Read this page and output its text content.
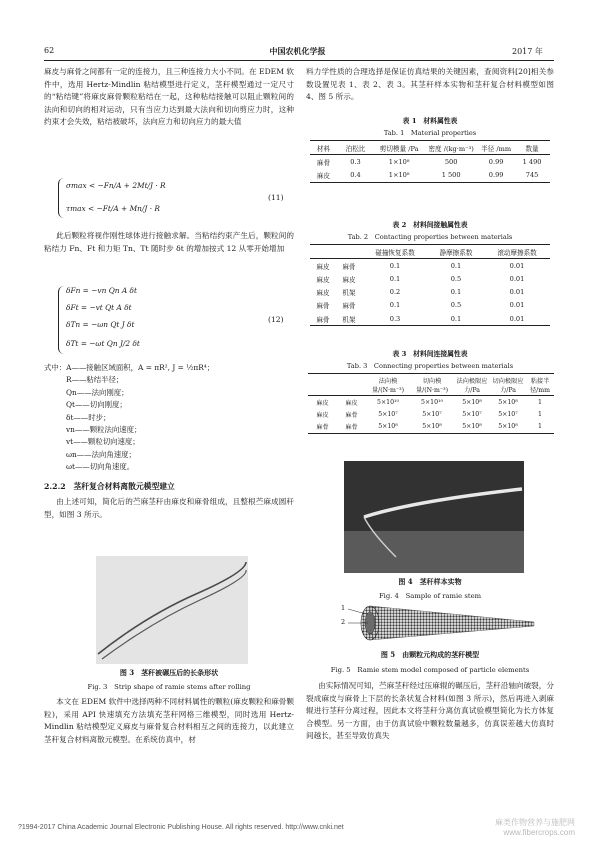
62	中国农机化学报	2017 年

麻皮与麻骨之间都有一定的连接力，且三种连接力大小不同。在 EDEM 软件中，选用 Hertz-Mindlin 粘结模型进行定义，茎秆模型通过一定尺寸的“粘结键”将麻皮麻骨颗粒粘结在一起，这种粘结接触可以阻止颗粒间的法向和切向的相对运动，只有当应力达到最大法向和切向剪应力时，这种约束才会失效，粘结被破坏，法向应力和切向应力的最大值

σmax < −Fn/A + 2Mt/J · R
τmax < −Ft/A + Mn/J · R
(11)

此后颗粒将视作刚性球体进行接触求解。当粘结约束产生后，颗粒间的粘结力 Fn、Ft 和力矩 Tn、Tt 随时步 δt 的增加按式 12 从零开始增加

δFn = −vn Qn A δt
δFt = −vt Qt A δt
δTn = −ωn Qt J δt
δTt = −ωt Qn J/2 δt
(12)
式中：A——接触区域面积，A = πR², J = ½πR⁴；
R——粘结半径；
Qn——法向刚度；
Qt——切向刚度；
δt——时步；
vn——颗粒法向速度；
vt——颗粒切向速度；
ωn——法向角速度；
ωt——切向角速度。
2.2.2　茎秆复合材料离散元模型建立

由上述可知，简化后的苎麻茎秆由麻皮和麻骨组成，且整根苎麻成圆秆型，如图 3 所示。

图 3　茎秆被碾压后的长条形状
Fig. 3　Strip shape of ramie stems after rolling

本文在 EDEM 软件中选择两种不同材料属性的颗粒(麻皮颗粒和麻骨颗粒)，采用 API 快速填充方法填充茎秆网格三维模型，同时选用 Hertz-Mindlin 粘结模型定义麻皮与麻骨复合材料相互之间的连接力，以此建立茎秆复合材料离散元模型。在系统仿真中，材

料力学性质的合理选择是保证仿真结果的关键因素，查阅资料[20]相关参数设置见表 1、表 2、表 3。其茎秆样本实物和茎秆复合材料模型如图 4、图 5 所示。

表 1　材料属性表
Tab. 1　Material properties
材料	泊松比	剪切模量 /Pa	密度 /(kg·m⁻³)	半径 /mm	数量
麻骨	0.3	1×10⁸	500	0.99	1 490
麻皮	0.4	1×10⁸	1 500	0.99	745
表 2　材料间接触属性表
Tab. 2　Contacting properties between materials
		碰撞恢复系数	静摩擦系数	滚动摩擦系数
麻皮	麻骨	0.1	0.1	0.01
麻皮	麻皮	0.1	0.5	0.01
麻皮	机架	0.2	0.1	0.01
麻骨	麻骨	0.1	0.5	0.01
麻骨	机架	0.3	0.1	0.01
表 3　材料间连接属性表
Tab. 3　Connecting properties between materials
		法向模量/(N·m⁻³)	切向模量/(N·m⁻³)	法向极限应力/Pa	切向极限应力/Pa	粘接半径/mm
麻皮	麻皮	5×10¹⁰	5×10¹⁰	5×10⁸	5×10⁸	1
麻皮	麻骨	5×10⁷	5×10⁷	5×10⁷	5×10⁷	1
麻骨	麻骨	5×10⁸	5×10⁸	5×10⁸	5×10⁸	1
图 4　茎秆样本实物
Fig. 4　Sample of ramie stem
1
2
图 5　由颗粒元构成的茎秆模型
Fig. 5　Ramie stem model composed of particle elements

由实际情况可知，苎麻茎秆经过压麻辊的碾压后，茎秆沿轴向破裂，分裂成麻皮与麻骨上下层的长条状复合材料(如图 3 所示)，然后再进入剥麻辊进行茎秆分离过程，因此本文将茎秆分离仿真试验模型简化为长方体复合模型。另一方面，由于仿真试验中颗粒数量越多，仿真误差越大仿真时间越长，甚至导致仿真失

?1994-2017 China Academic Journal Electronic Publishing House. All rights reserved. http://www.cnki.net
麻类作物营养与施肥网
www.fibercrops.com
